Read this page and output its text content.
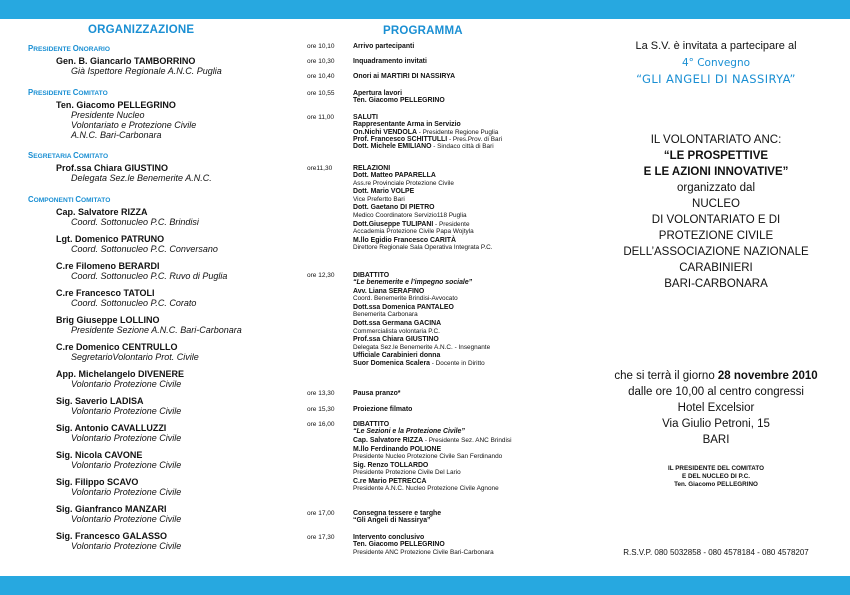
ORGANIZZAZIONE
PRESIDENTE ONORARIO
Gen. B. Giancarlo TAMBORRINO
Già Ispettore Regionale A.N.C. Puglia
PRESIDENTE COMITATO
Ten. Giacomo PELLEGRINO
Presidente Nucleo
Volontariato e Protezione Civile
A.N.C. Bari-Carbonara
SEGRETARIA COMITATO
Prof.ssa Chiara GIUSTINO
Delegata Sez.le Benemerite A.N.C.
COMPONENTI COMITATO
Cap. Salvatore RIZZA
Coord. Sottonucleo P.C. Brindisi
Lgt. Domenico PATRUNO
Coord. Sottonucleo P.C. Conversano
C.re Filomeno BERARDI
Coord. Sottonucleo P.C. Ruvo di Puglia
C.re Francesco TATOLI
Coord. Sottonucleo P.C. Corato
Brig Giuseppe LOLLINO
Presidente Sezione A.N.C. Bari-Carbonara
C.re Domenico CENTRULLO
SegretarioVolontario Prot. Civile
App. Michelangelo DIVENERE
Volontario Protezione Civile
Sig. Saverio LADISA
Volontario Protezione Civile
Sig. Antonio CAVALLUZZI
Volontario Protezione Civile
Sig. Nicola CAVONE
Volontario Protezione Civile
Sig. Filippo SCAVO
Volontario Protezione Civile
Sig. Gianfranco MANZARI
Volontario Protezione Civile
Sig. Francesco GALASSO
Volontario Protezione Civile
PROGRAMMA
ore 10,10	Arrivo partecipanti
ore 10,30	Inquadramento invitati
ore 10,40	Onori ai MARTIRI DI NASSIRYA
ore 10,55	Apertura lavori
Ten. Giacomo PELLEGRINO
ore 11,00	SALUTI
Rappresentante Arma in Servizio
On.Nichi VENDOLA - Presidente Regione Puglia
Prof. Francesco SCHITTULLI - Pres.Prov. di Bari
Dott. Michele EMILIANO - Sindaco città di Bari
ore11,30	RELAZIONI
Dott. Matteo PAPARELLA
Ass.re Provinciale Protezione Civile
Dott. Mario VOLPE
Vice Prefertto Bari
Dott. Gaetano DI PIETRO
Medico Coordinatore Servizio118 Puglia
Dott.Giuseppe TULIPANI - Presidente
Accademia Protezione Civile Papa Wojtyla
M.llo Egidio Francesco CARITÀ
Direttore Regionale Sala Operativa Integrata P.C.
ore 12,30	DIBATTITO
“Le benemerite e l’impegno sociale”
Avv. Liana SERAFINO
Coord. Benemerite Brindisi-Avvocato
Dott.ssa Domenica PANTALEO
Benemerita Carbonara
Dott.ssa Germana GACINA
Commercialista volontaria P.C.
Prof.ssa Chiara GIUSTINO
Delegata Sez.le Benemerite A.N.C. - Insegnante
Ufficiale Carabinieri donna
Suor Domenica Scalera - Docente in Diritto
ore 13,30	Pausa pranzo*
ore 15,30	Proiezione filmato
ore 16,00	DIBATTITO
“Le Sezioni e la Protezione Civile”
Cap. Salvatore RIZZA - Presidente Sez. ANC Brindisi
M.llo Ferdinando POLIONE
Presidente Nucleo Protezione Civile San Ferdinando
Sig. Renzo TOLLARDO
Presidente Protezione Civile Del Lario
C.re Mario PETRECCA
Presidente A.N.C. Nucleo Protezione Civile Agnone
ore 17,00	Consegna tessere e targhe
“Gli Angeli di Nassirya”
ore 17,30	Intervento conclusivo
Ten. Giacomo PELLEGRINO
Presidente ANC Protezione Civile Bari-Carbonara
La S.V. è invitata a partecipare al
4° Convegno
“GLI ANGELI DI NASSIRYA”
IL VOLONTARIATO ANC:
“LE PROSPETTIVE
E LE AZIONI INNOVATIVE”
organizzato dal
NUCLEO
DI VOLONTARIATO E DI
PROTEZIONE CIVILE
DELL’ASSOCIAZIONE NAZIONALE
CARABINIERI
BARI-CARBONARA
che si terrà il giorno 28 novembre 2010
dalle ore 10,00 al centro congressi
Hotel Excelsior
Via Giulio Petroni, 15
BARI
IL PRESIDENTE DEL COMITATO
E DEL NUCLEO DI P.C.
Ten. Giacomo PELLEGRINO
R.S.V.P. 080 5032858 - 080 4578184 - 080 4578207
